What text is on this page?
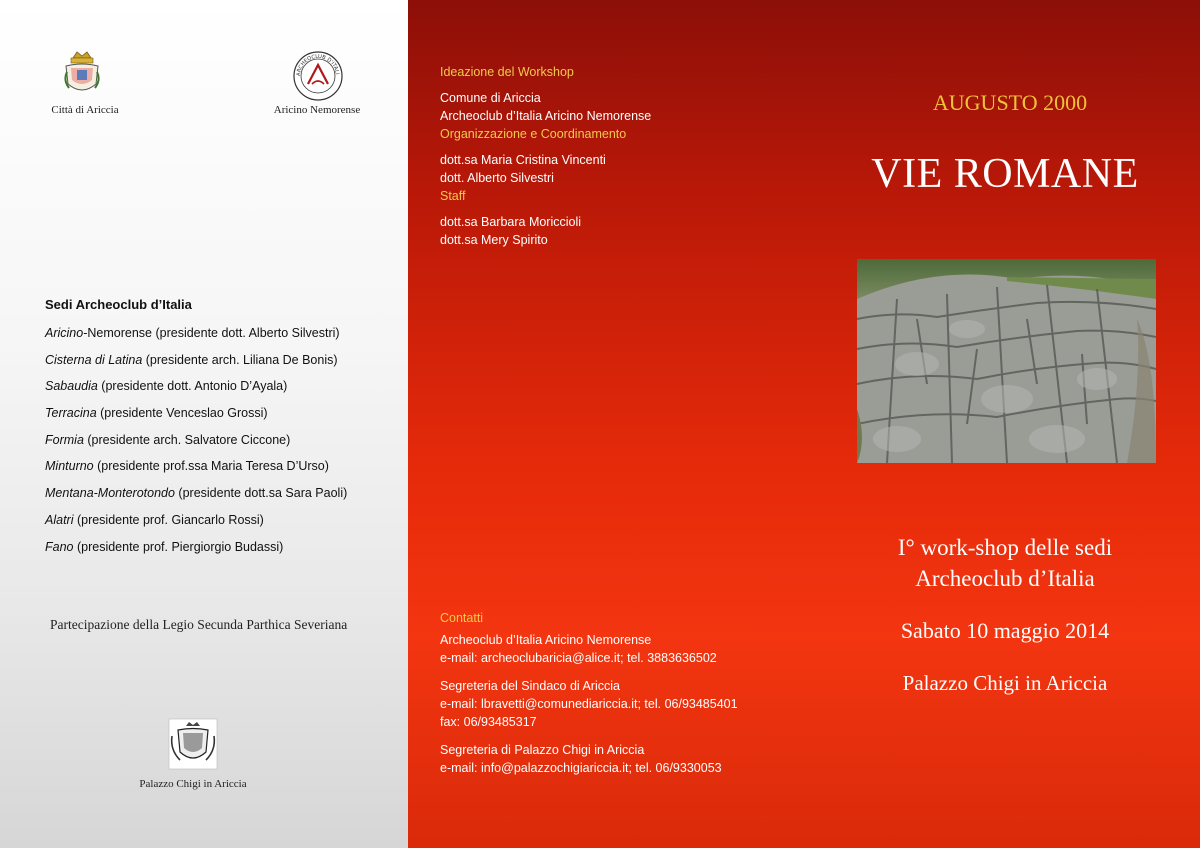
Città di Ariccia
ARCHEOCLUB D'ITALI
Aricino Nemorense
Sedi Archeoclub d’Italia
Aricino-Nemorense (presidente dott. Alberto Silvestri)
Cisterna di Latina (presidente arch. Liliana De Bonis)
Sabaudia (presidente dott. Antonio D’Ayala)
Terracina (presidente Venceslao Grossi)
Formia (presidente arch. Salvatore Ciccone)
Minturno (presidente prof.ssa Maria Teresa D’Urso)
Mentana-Monterotondo (presidente dott.sa Sara Paoli)
Alatri (presidente prof. Giancarlo Rossi)
Fano (presidente prof. Piergiorgio Budassi)
Partecipazione della Legio Secunda Parthica Severiana
Palazzo Chigi in Ariccia
Ideazione del Workshop
Comune di Ariccia
Archeoclub d’Italia Aricino Nemorense
Organizzazione e Coordinamento
dott.sa Maria Cristina Vincenti
dott. Alberto Silvestri
Staff
dott.sa Barbara Moriccioli
dott.sa Mery Spirito
Contatti
Archeoclub d’Italia Aricino Nemorense
e-mail: archeoclubaricia@alice.it; tel. 3883636502
Segreteria del Sindaco di Ariccia
e-mail: lbravetti@comunediariccia.it; tel. 06/93485401
fax: 06/93485317
Segreteria di Palazzo Chigi in Ariccia
e-mail: info@palazzochigiariccia.it; tel. 06/9330053
AUGUSTO 2000
VIE ROMANE
I° work-shop delle sedi
Archeoclub d’Italia
Sabato 10 maggio 2014
Palazzo Chigi in Ariccia
